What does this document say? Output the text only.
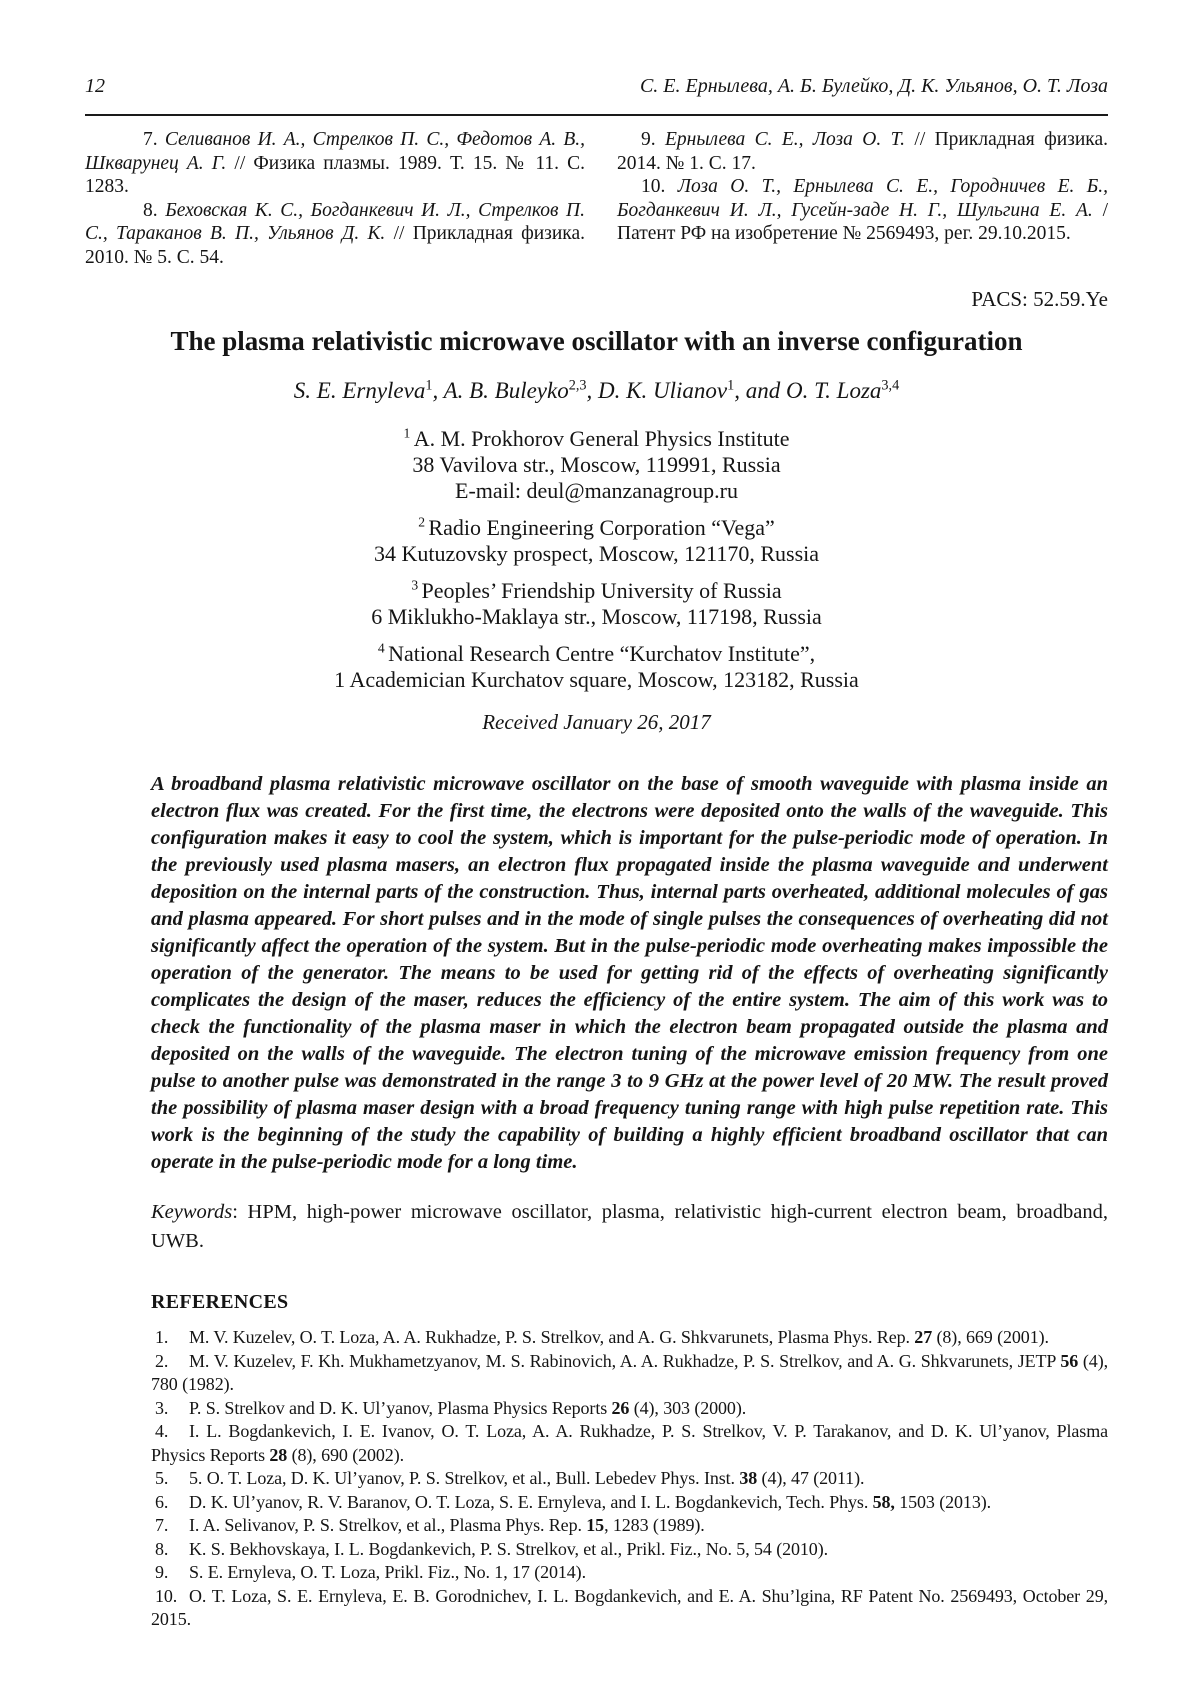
12	С. Е. Ернылева, А. Б. Булейко, Д. К. Ульянов, О. Т. Лоза

7. Селиванов И. А., Стрелков П. С., Федотов А. В., Шкварунец А. Г. // Физика плазмы. 1989. Т. 15. № 11. С. 1283.

8. Беховская К. С., Богданкевич И. Л., Стрелков П. С., Тараканов В. П., Ульянов Д. К. // Прикладная физика. 2010. № 5. С. 54.

9. Ернылева С. Е., Лоза О. Т. // Прикладная физика. 2014. № 1. С. 17.

10. Лоза О. Т., Ернылева С. Е., Городничев Е. Б., Богданкевич И. Л., Гусейн-заде Н. Г., Шульгина Е. А. / Патент РФ на изобретение № 2569493, рег. 29.10.2015.

PACS: 52.59.Ye
The plasma relativistic microwave oscillator with an inverse configuration
S. E. Ernyleva$^1$, A. B. Buleyko$^{2,3}$, D. K. Ulianov$^1$, and O. T. Loza$^{3,4}$
$^1$ A. M. Prokhorov General Physics Institute
38 Vavilova str., Moscow, 119991, Russia
E-mail: deul@manzanagroup.ru
$^2$ Radio Engineering Corporation “Vega”
34 Kutuzovsky prospect, Moscow, 121170, Russia
$^3$ Peoples’ Friendship University of Russia
6 Miklukho-Maklaya str., Moscow, 117198, Russia
$^4$ National Research Centre “Kurchatov Institute”,
1 Academician Kurchatov square, Moscow, 123182, Russia
Received January 26, 2017

A broadband plasma relativistic microwave oscillator on the base of smooth waveguide with plasma inside an electron flux was created. For the first time, the electrons were deposited onto the walls of the waveguide. This configuration makes it easy to cool the system, which is important for the pulse-periodic mode of operation. In the previously used plasma masers, an electron flux propagated inside the plasma waveguide and underwent deposition on the internal parts of the construction. Thus, internal parts overheated, additional molecules of gas and plasma appeared. For short pulses and in the mode of single pulses the consequences of overheating did not significantly affect the operation of the system. But in the pulse-periodic mode overheating makes impossible the operation of the generator. The means to be used for getting rid of the effects of overheating significantly complicates the design of the maser, reduces the efficiency of the entire system. The aim of this work was to check the functionality of the plasma maser in which the electron beam propagated outside the plasma and deposited on the walls of the waveguide. The electron tuning of the microwave emission frequency from one pulse to another pulse was demonstrated in the range 3 to 9 GHz at the power level of 20 MW. The result proved the possibility of plasma maser design with a broad frequency tuning range with high pulse repetition rate. This work is the beginning of the study the capability of building a highly efficient broadband oscillator that can operate in the pulse-periodic mode for a long time.

Keywords: HPM, high-power microwave oscillator, plasma, relativistic high-current electron beam, broadband, UWB.

REFERENCES
1. M. V. Kuzelev, O. T. Loza, A. A. Rukhadze, P. S. Strelkov, and A. G. Shkvarunets, Plasma Phys. Rep. 27 (8), 669 (2001).
2. M. V. Kuzelev, F. Kh. Mukhametzyanov, M. S. Rabinovich, A. A. Rukhadze, P. S. Strelkov, and A. G. Shkvarunets, JETP 56 (4), 780 (1982).
3. P. S. Strelkov and D. K. Ul’yanov, Plasma Physics Reports 26 (4), 303 (2000).
4. I. L. Bogdankevich, I. E. Ivanov, O. T. Loza, A. A. Rukhadze, P. S. Strelkov, V. P. Tarakanov, and D. K. Ul’yanov, Plasma Physics Reports 28 (8), 690 (2002).
5. 5. O. T. Loza, D. K. Ul’yanov, P. S. Strelkov, et al., Bull. Lebedev Phys. Inst. 38 (4), 47 (2011).
6. D. K. Ul’yanov, R. V. Baranov, O. T. Loza, S. E. Ernyleva, and I. L. Bogdankevich, Tech. Phys. 58, 1503 (2013).
7. I. A. Selivanov, P. S. Strelkov, et al., Plasma Phys. Rep. 15, 1283 (1989).
8. K. S. Bekhovskaya, I. L. Bogdankevich, P. S. Strelkov, et al., Prikl. Fiz., No. 5, 54 (2010).
9. S. E. Ernyleva, O. T. Loza, Prikl. Fiz., No. 1, 17 (2014).
10. O. T. Loza, S. E. Ernyleva, E. B. Gorodnichev, I. L. Bogdankevich, and E. A. Shu’lgina, RF Patent No. 2569493, October 29, 2015.
